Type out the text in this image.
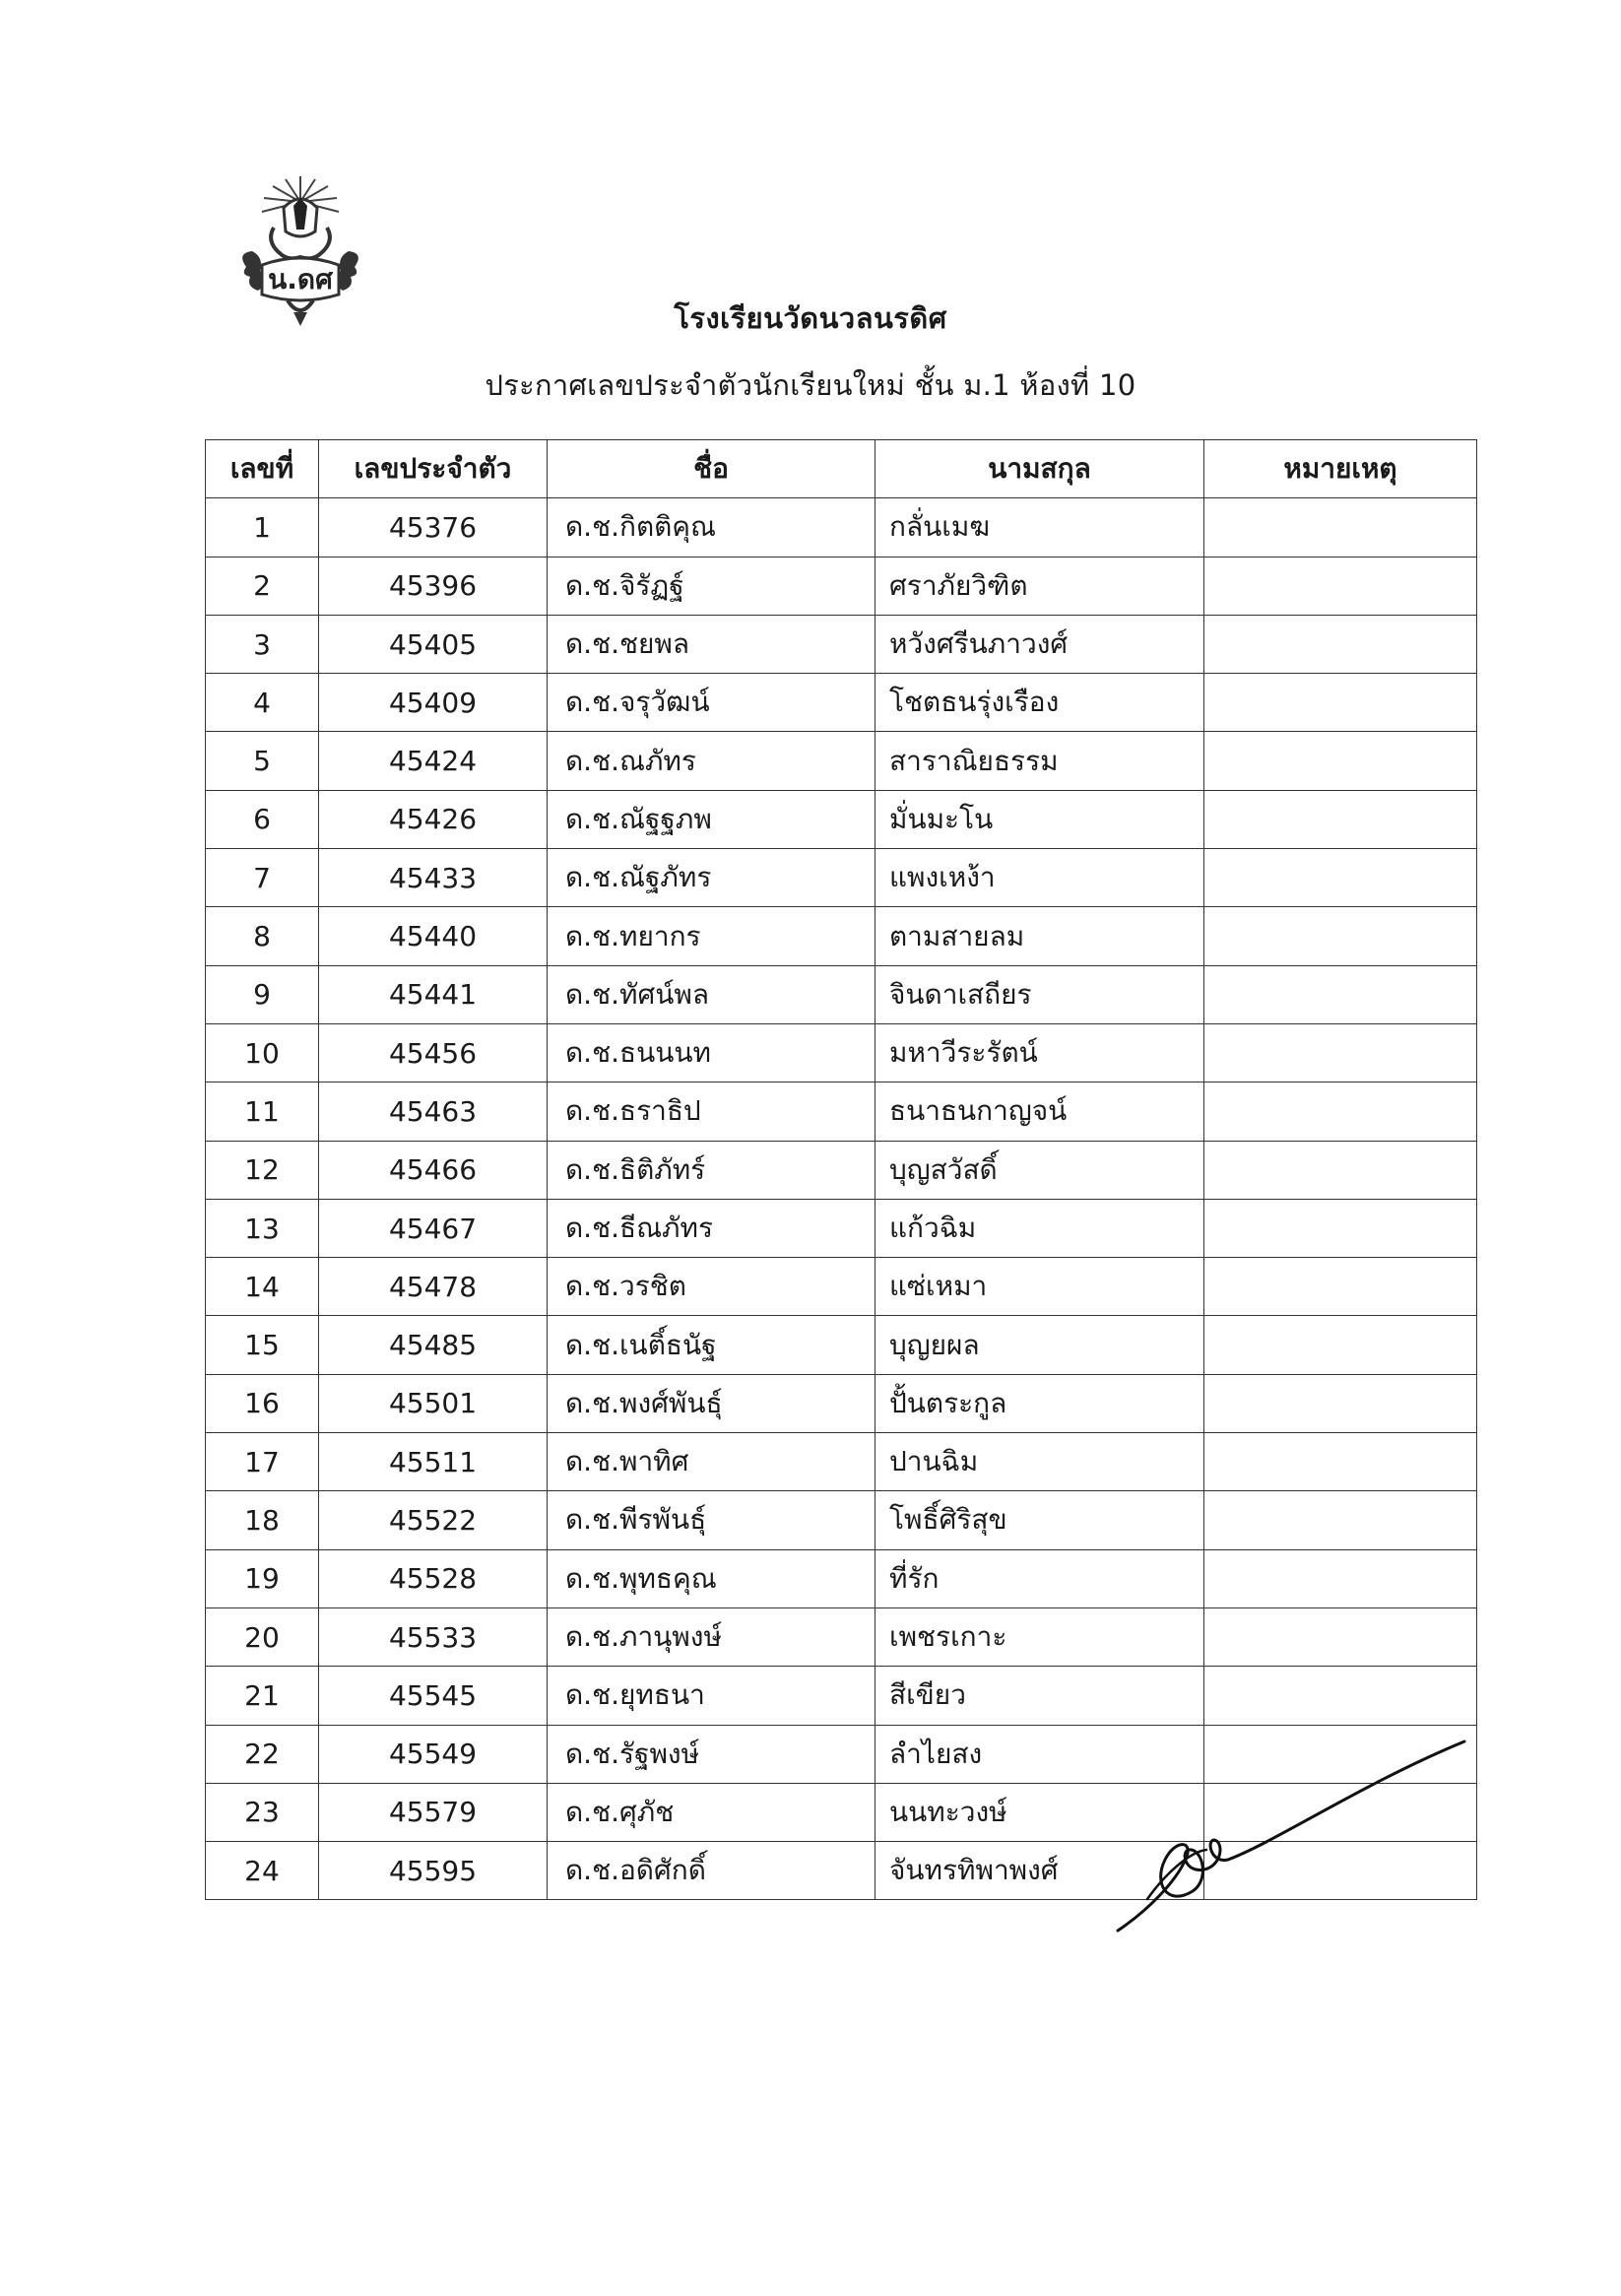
น.ดศ
โรงเรียนวัดนวลนรดิศ
ประกาศเลขประจำตัวนักเรียนใหม่ ชั้น ม.1 ห้องที่ 10
เลขที่	เลขประจำตัว	ชื่อ	นามสกุล	หมายเหตุ
1	45376	ด.ช.กิตติคุณ	กลั่นเมฆ	
2	45396	ด.ช.จิรัฏฐ์	ศราภัยวิฑิต	
3	45405	ด.ช.ชยพล	หวังศรีนภาวงศ์	
4	45409	ด.ช.จรุวัฒน์	โชตธนรุ่งเรือง	
5	45424	ด.ช.ณภัทร	สาราณิยธรรม	
6	45426	ด.ช.ณัฐฐภพ	มั่นมะโน	
7	45433	ด.ช.ณัฐภัทร	แพงเหง้า	
8	45440	ด.ช.ทยากร	ตามสายลม	
9	45441	ด.ช.ทัศน์พล	จินดาเสถียร	
10	45456	ด.ช.ธนนนท	มหาวีระรัตน์	
11	45463	ด.ช.ธราธิป	ธนาธนกาญจน์	
12	45466	ด.ช.ธิติภัทร์	บุญสวัสดิ์	
13	45467	ด.ช.ธีณภัทร	แก้วฉิม	
14	45478	ด.ช.วรชิต	แซ่เหมา	
15	45485	ด.ช.เนติ์ธนัฐ	บุญยผล	
16	45501	ด.ช.พงศ์พันธุ์	ปั้นตระกูล	
17	45511	ด.ช.พาทิศ	ปานฉิม	
18	45522	ด.ช.พีรพันธุ์	โพธิ์ศิริสุข	
19	45528	ด.ช.พุทธคุณ	ที่รัก	
20	45533	ด.ช.ภานุพงษ์	เพชรเกาะ	
21	45545	ด.ช.ยุทธนา	สีเขียว	
22	45549	ด.ช.รัฐพงษ์	ลำไยสง	
23	45579	ด.ช.ศุภัช	นนทะวงษ์	
24	45595	ด.ช.อดิศักดิ์	จันทรทิพาพงศ์	
